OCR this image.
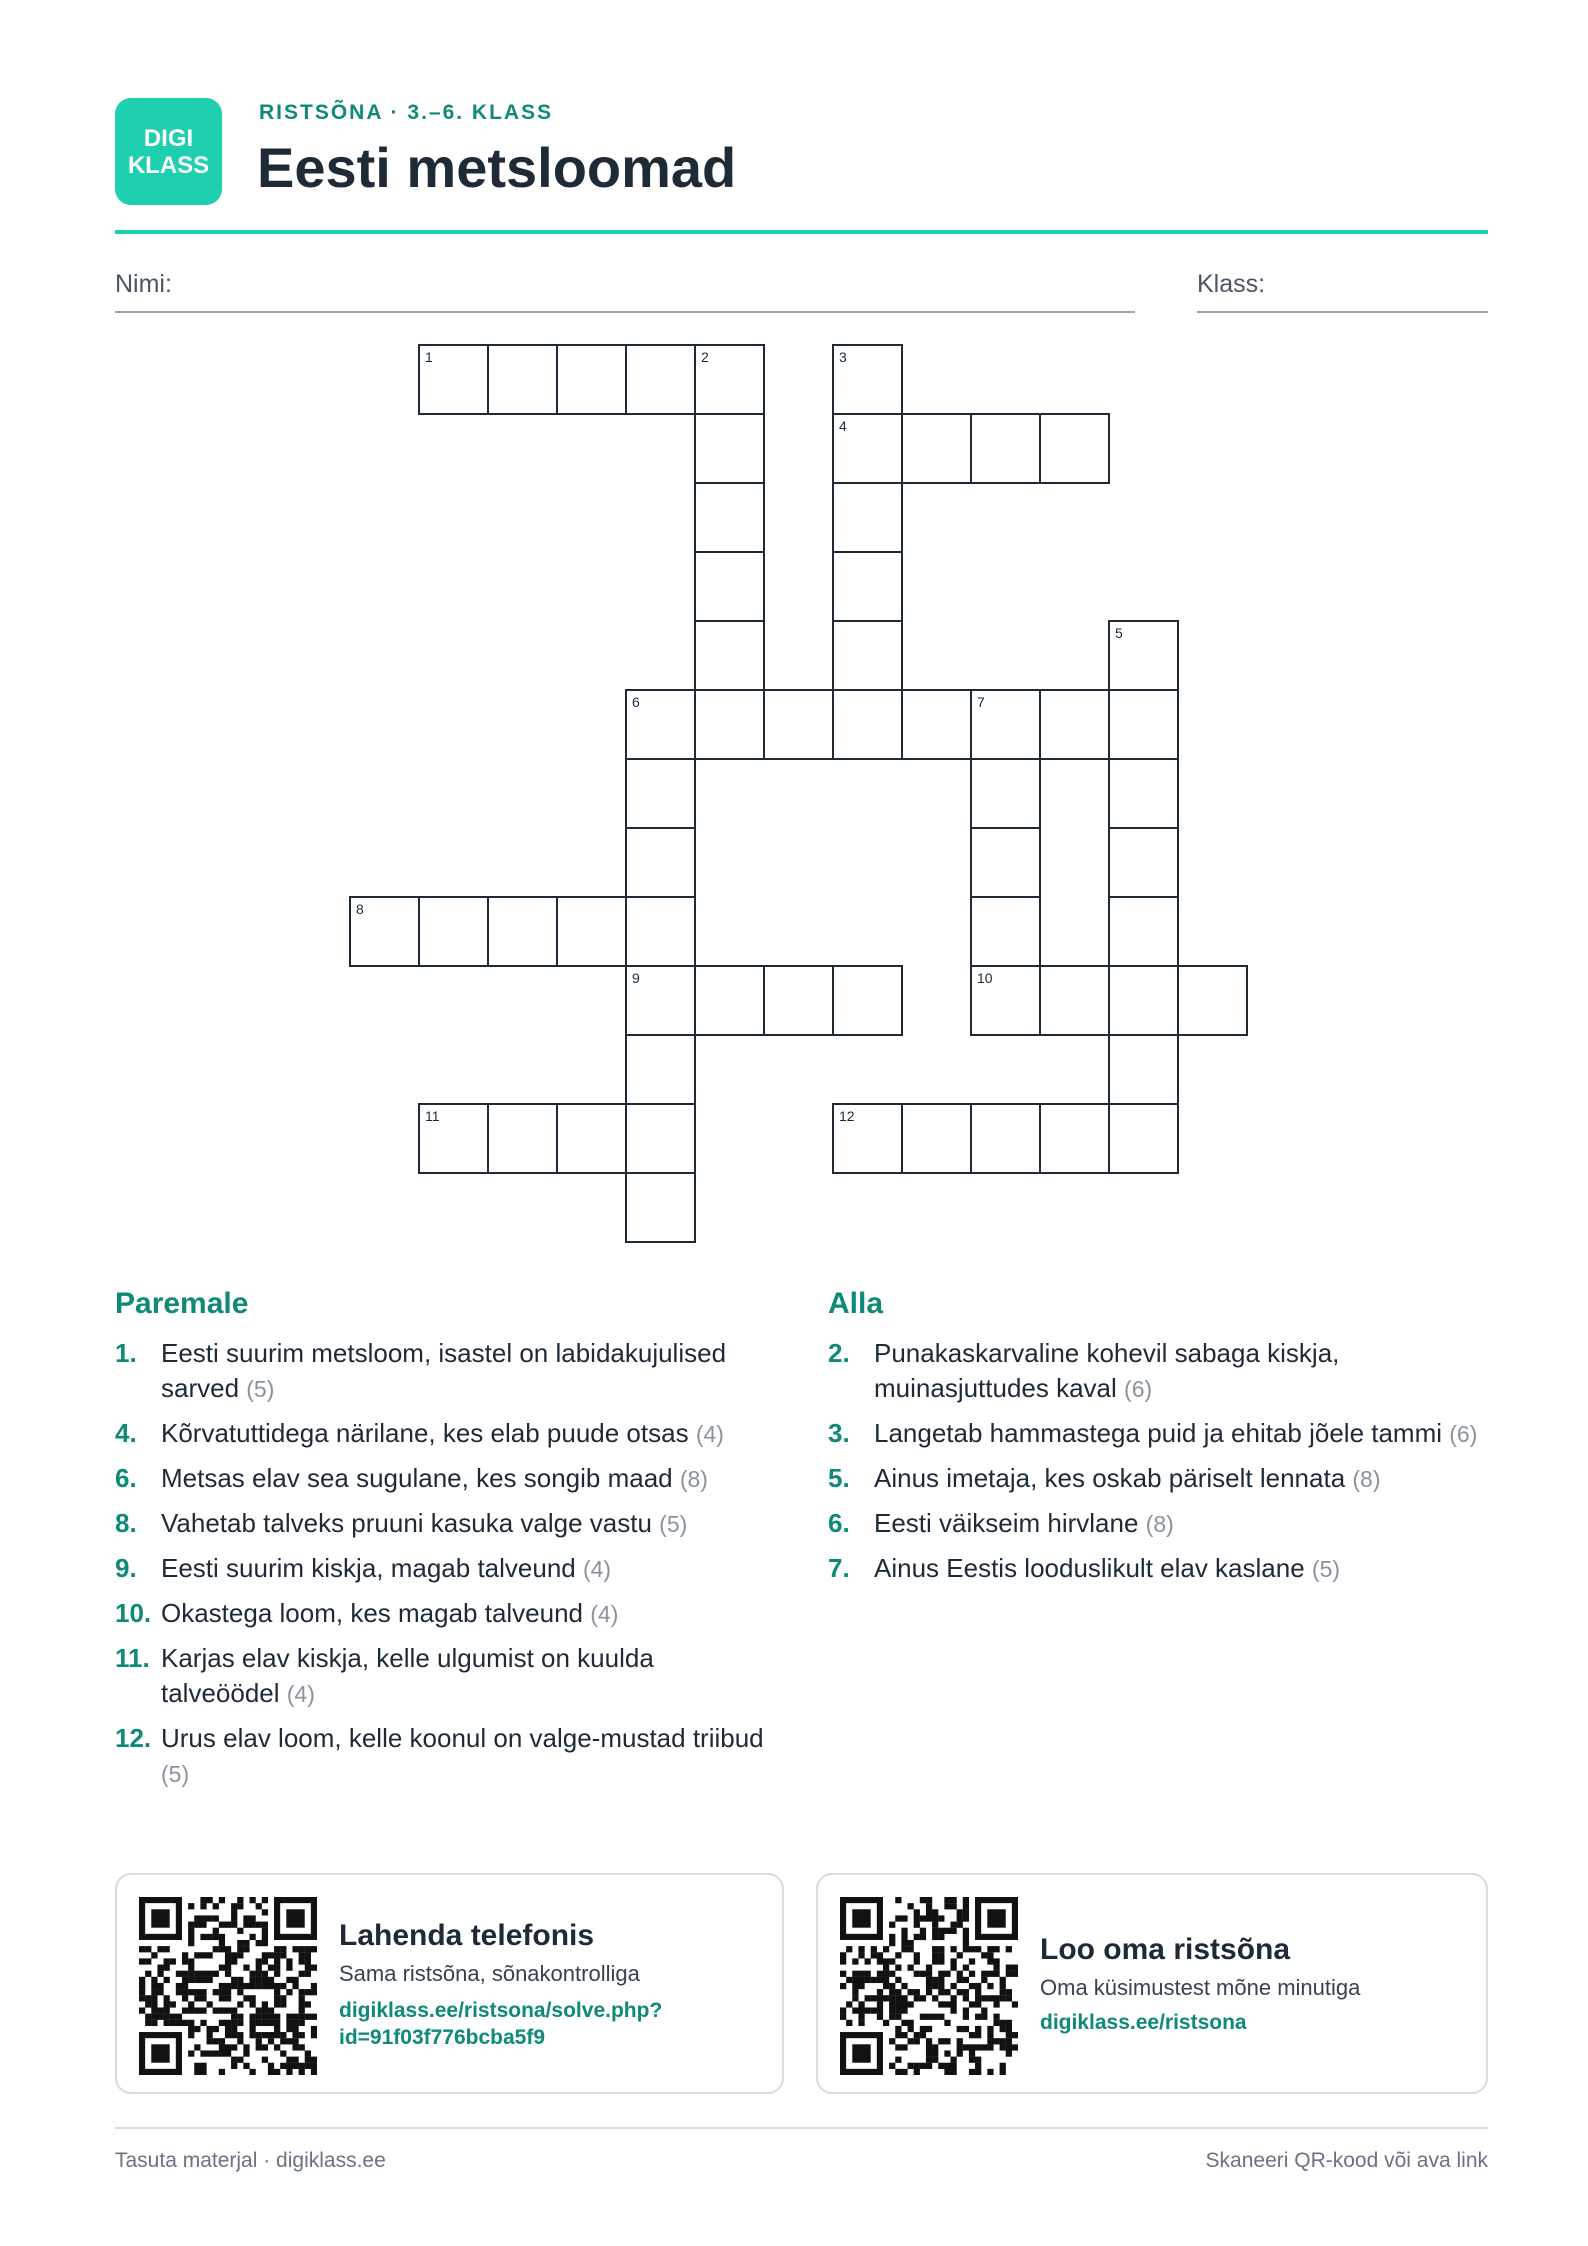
DIGI
KLASS
RISTSÕNA · 3.–6. KLASS
Eesti metsloomad
Nimi:	Klass:
1	2	3
4
5
6	7
8
9	10
11	12
Paremale
1. Eesti suurim metsloom, isastel on labidakujulised sarved (5)
4. Kõrvatuttidega närilane, kes elab puude otsas (4)
6. Metsas elav sea sugulane, kes songib maad (8)
8. Vahetab talveks pruuni kasuka valge vastu (5)
9. Eesti suurim kiskja, magab talveund (4)
10. Okastega loom, kes magab talveund (4)
11. Karjas elav kiskja, kelle ulgumist on kuulda talveöödel (4)
12. Urus elav loom, kelle koonul on valge-mustad triibud (5)
Alla
2. Punakaskarvaline kohevil sabaga kiskja, muinasjuttudes kaval (6)
3. Langetab hammastega puid ja ehitab jõele tammi (6)
5. Ainus imetaja, kes oskab päriselt lennata (8)
6. Eesti väikseim hirvlane (8)
7. Ainus Eestis looduslikult elav kaslane (5)
Lahenda telefonis
Sama ristsõna, sõnakontrolliga
digiklass.ee/ristsona/solve.php?
id=91f03f776bcba5f9
Loo oma ristsõna
Oma küsimustest mõne minutiga
digiklass.ee/ristsona
Tasuta materjal · digiklass.ee	Skaneeri QR-kood või ava link
